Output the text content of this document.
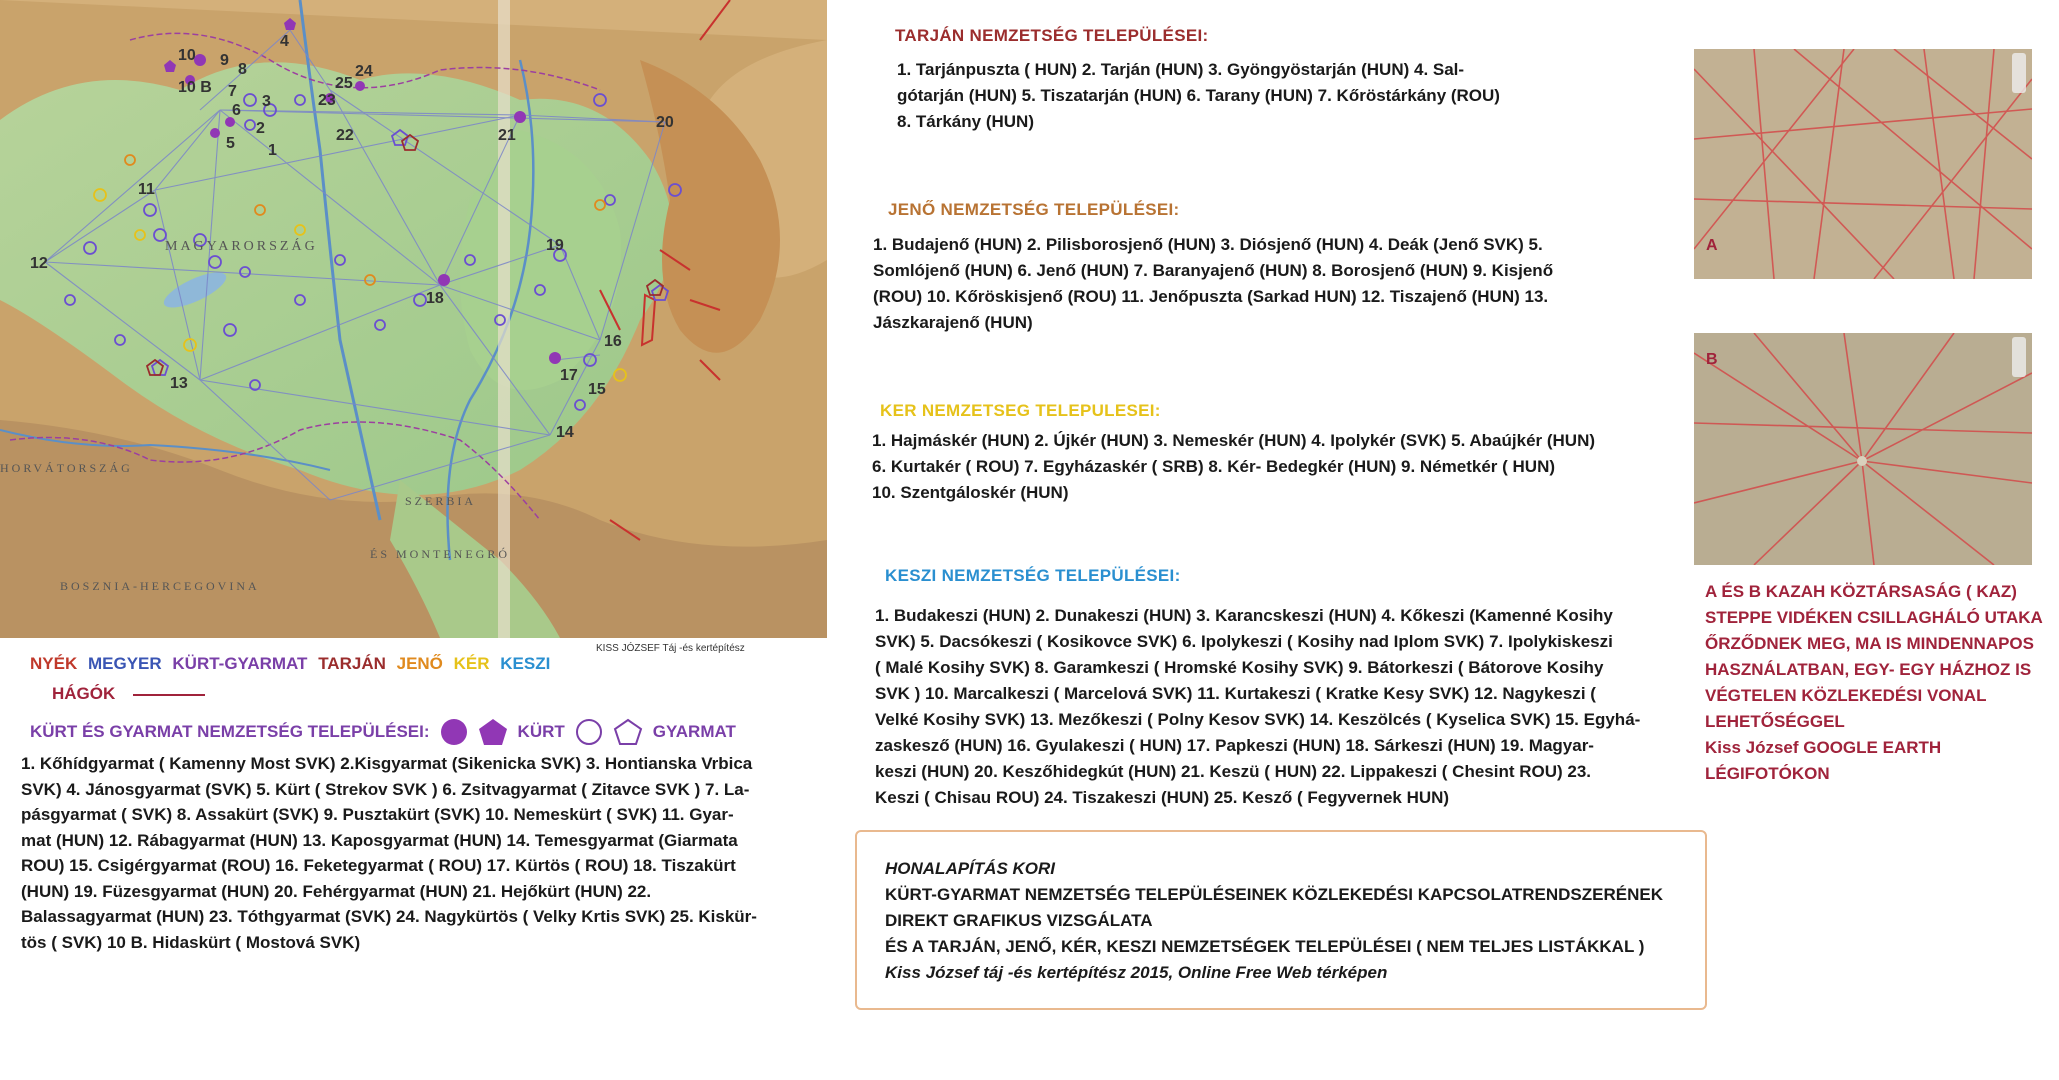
10 9
8
10 B 7
3
6
2
5 1
4
25
24
23
22	21
20
11
12
19
18
16
17
15
13
14
MAGYARORSZÁG
HORVÁTORSZÁG
SZERBIA
ÉS MONTENEGRÓ
BOSZNIA-HERCEGOVINA
KISS JÓZSEF Táj -és kertépítész
NYÉK MEGYER KÜRT-GYARMAT TARJÁN JENŐ KÉR KESZI
HÁGÓK
KÜRT ÉS GYARMAT NEMZETSÉG TELEPÜLÉSEI:	KÜRT	GYARMAT
1. Kőhídgyarmat ( Kamenny Most SVK) 2.Kisgyarmat (Sikenicka SVK) 3. Hontianska Vrbica
SVK) 4. Jánosgyarmat (SVK) 5. Kürt ( Strekov SVK ) 6. Zsitvagyarmat ( Zitavce SVK ) 7. La-
pásgyarmat ( SVK) 8. Assakürt (SVK) 9. Pusztakürt (SVK) 10. Nemeskürt ( SVK) 11. Gyar-
mat (HUN) 12. Rábagyarmat (HUN) 13. Kaposgyarmat (HUN) 14. Temesgyarmat (Giarmata
ROU) 15. Csigérgyarmat (ROU) 16. Feketegyarmat ( ROU) 17. Kürtös ( ROU) 18. Tiszakürt
(HUN) 19. Füzesgyarmat (HUN) 20. Fehérgyarmat (HUN) 21. Hejőkürt (HUN) 22.
Balassagyarmat (HUN) 23. Tóthgyarmat (SVK) 24. Nagykürtös ( Velky Krtis SVK) 25. Kiskür-
tös ( SVK) 10 B. Hidaskürt ( Mostová SVK)
TARJÁN NEMZETSÉG TELEPÜLÉSEI:
1. Tarjánpuszta ( HUN) 2. Tarján (HUN) 3. Gyöngyöstarján (HUN) 4. Sal-
gótarján (HUN) 5. Tiszatarján (HUN) 6. Tarany (HUN) 7. Kőröstárkány (ROU)
8. Tárkány (HUN)
JENŐ NEMZETSÉG TELEPÜLÉSEI:
1. Budajenő (HUN) 2. Pilisborosjenő (HUN) 3. Diósjenő (HUN) 4. Deák (Jenő SVK) 5.
Somlójenő (HUN) 6. Jenő (HUN) 7. Baranyajenő (HUN) 8. Borosjenő (HUN) 9. Kisjenő
(ROU) 10. Kőröskisjenő (ROU) 11. Jenőpuszta (Sarkad HUN) 12. Tiszajenő (HUN) 13.
Jászkarajenő (HUN)
KER NEMZETSEG TELEPULESEI:
1. Hajmáskér (HUN) 2. Újkér (HUN) 3. Nemeskér (HUN) 4. Ipolykér (SVK) 5. Abaújkér (HUN)
6. Kurtakér ( ROU) 7. Egyházaskér ( SRB) 8. Kér- Bedegkér (HUN) 9. Németkér ( HUN)
10. Szentgáloskér (HUN)
KESZI NEMZETSÉG TELEPÜLÉSEI:
1. Budakeszi (HUN) 2. Dunakeszi (HUN) 3. Karancskeszi (HUN) 4. Kőkeszi (Kamenné Kosihy
SVK) 5. Dacsókeszi ( Kosikovce SVK) 6. Ipolykeszi ( Kosihy nad Iplom SVK) 7. Ipolykiskeszi
( Malé Kosihy SVK) 8. Garamkeszi ( Hromské Kosihy SVK) 9. Bátorkeszi ( Bátorove Kosihy
SVK ) 10. Marcalkeszi ( Marcelová SVK) 11. Kurtakeszi ( Kratke Kesy SVK) 12. Nagykeszi (
Velké Kosihy SVK) 13. Mezőkeszi ( Polny Kesov SVK) 14. Keszölcés ( Kyselica SVK) 15. Egyhá-
zaskesző (HUN) 16. Gyulakeszi ( HUN) 17. Papkeszi (HUN) 18. Sárkeszi (HUN) 19. Magyar-
keszi (HUN) 20. Keszőhidegkút (HUN) 21. Keszü ( HUN) 22. Lippakeszi ( Chesint ROU) 23.
Keszi ( Chisau ROU) 24. Tiszakeszi (HUN) 25. Kesző ( Fegyvernek HUN)

HONALAPÍTÁS KORI

KÜRT-GYARMAT NEMZETSÉG TELEPÜLÉSEINEK KÖZLEKEDÉSI KAPCSOLATRENDSZERÉNEK

DIREKT GRAFIKUS VIZSGÁLATA

ÉS A TARJÁN, JENŐ, KÉR, KESZI NEMZETSÉGEK TELEPÜLÉSEI ( NEM TELJES LISTÁKKAL )

Kiss József táj -és kertépítész 2015, Online Free Web térképen

A
B
A ÉS B KAZAH KÖZTÁRSASÁG ( KAZ)
STEPPE VIDÉKEN CSILLAGHÁLÓ UTAKA
ŐRZŐDNEK MEG, MA IS MINDENNAPOS
HASZNÁLATBAN, EGY- EGY HÁZHOZ IS
VÉGTELEN KÖZLEKEDÉSI VONAL
LEHETŐSÉGGEL
Kiss József GOOGLE EARTH
LÉGIFOTÓKON
